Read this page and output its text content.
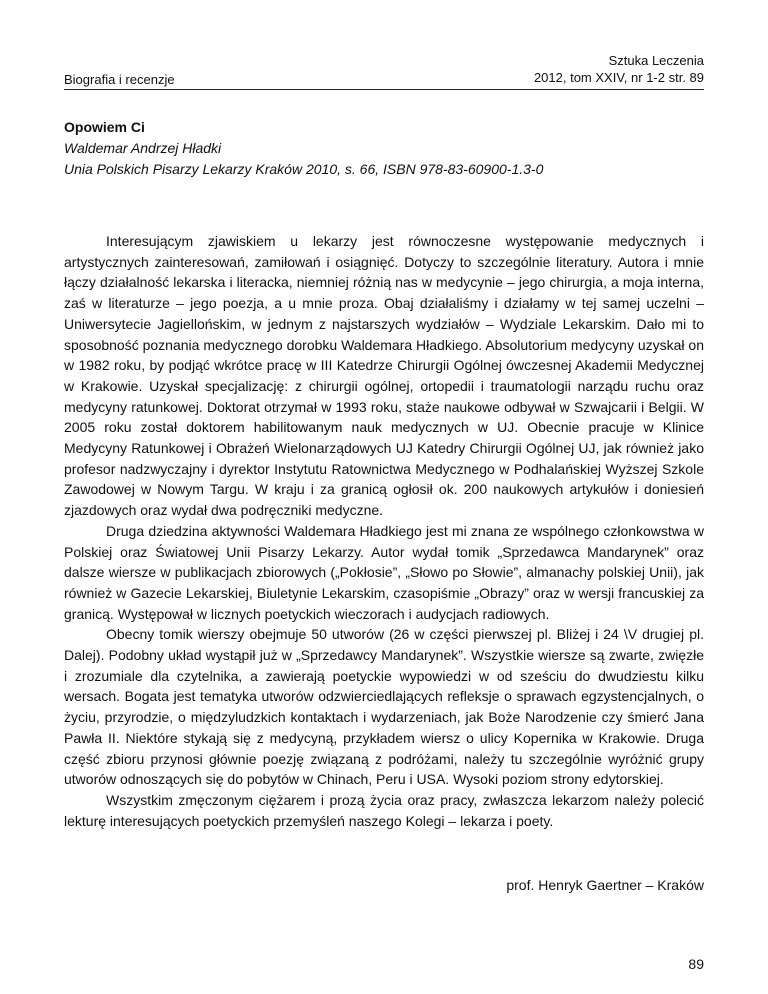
Biografia i recenzje
Sztuka Leczenia
2012, tom XXIV, nr 1-2 str. 89
Opowiem Ci
Waldemar Andrzej Hładki
Unia Polskich Pisarzy Lekarzy Kraków 2010, s. 66, ISBN 978-83-60900-1.3-0

Interesującym zjawiskiem u lekarzy jest równoczesne występowanie medycznych i artystycznych zainteresowań, zamiłowań i osiągnięć. Dotyczy to szczególnie literatury. Autora i mnie łączy działalność lekarska i literacka, niemniej różnią nas w medycynie – jego chirurgia, a moja interna, zaś w literaturze – jego poezja, a u mnie proza. Obaj działaliśmy i działamy w tej samej uczelni – Uniwersytecie Jagiellońskim, w jednym z najstarszych wydziałów – Wydziale Lekarskim. Dało mi to sposobność poznania medycznego dorobku Waldemara Hładkiego. Absolutorium medycyny uzyskał on w 1982 roku, by podjąć wkrótce pracę w III Katedrze Chirurgii Ogólnej ówczesnej Akademii Medycznej w Krakowie. Uzyskał specjalizację: z chirurgii ogólnej, ortopedii i traumatologii narządu ruchu oraz medycyny ratunkowej. Doktorat otrzymał w 1993 roku, staże naukowe odbywał w Szwajcarii i Belgii. W 2005 roku został doktorem habilitowanym nauk medycznych w UJ. Obecnie pracuje w Klinice Medycyny Ratunkowej i Obrażeń Wielonarządowych UJ Katedry Chirurgii Ogólnej UJ, jak również jako profesor nadzwyczajny i dyrektor Instytutu Ratownictwa Medycznego w Podhalańskiej Wyższej Szkole Zawodowej w Nowym Targu. W kraju i za granicą ogłosił ok. 200 naukowych artykułów i doniesień zjazdowych oraz wydał dwa podręczniki medyczne.

Druga dziedzina aktywności Waldemara Hładkiego jest mi znana ze wspólnego członkowstwa w Polskiej oraz Światowej Unii Pisarzy Lekarzy. Autor wydał tomik „Sprzedawca Mandarynek” oraz dalsze wiersze w publikacjach zbiorowych („Pokłosie”, „Słowo po Słowie”, almanachy polskiej Unii), jak również w Gazecie Lekarskiej, Biuletynie Lekarskim, czasopiśmie „Obrazy” oraz w wersji francuskiej za granicą. Występował w licznych poetyckich wieczorach i audycjach radiowych.

Obecny tomik wierszy obejmuje 50 utworów (26 w części pierwszej pl. Bliżej i 24 \V drugiej pl. Dalej). Podobny układ wystąpił już w „Sprzedawcy Mandarynek”. Wszystkie wiersze są zwarte, zwięzłe i zrozumiale dla czytelnika, a zawierają poetyckie wypowiedzi w od sześciu do dwudziestu kilku wersach. Bogata jest tematyka utworów odzwierciedlających refleksje o sprawach egzystencjalnych, o życiu, przyrodzie, o międzyludzkich kontaktach i wydarzeniach, jak Boże Narodzenie czy śmierć Jana Pawła II. Niektóre stykają się z medycyną, przykładem wiersz o ulicy Kopernika w Krakowie. Druga część zbioru przynosi głównie poezję związaną z podróżami, należy tu szczególnie wyróżnić grupy utworów odnoszących się do pobytów w Chinach, Peru i USA. Wysoki poziom strony edytorskiej.

Wszystkim zmęczonym ciężarem i prozą życia oraz pracy, zwłaszcza lekarzom należy polecić lekturę interesujących poetyckich przemyśleń naszego Kolegi – lekarza i poety.

prof. Henryk Gaertner – Kraków
89
